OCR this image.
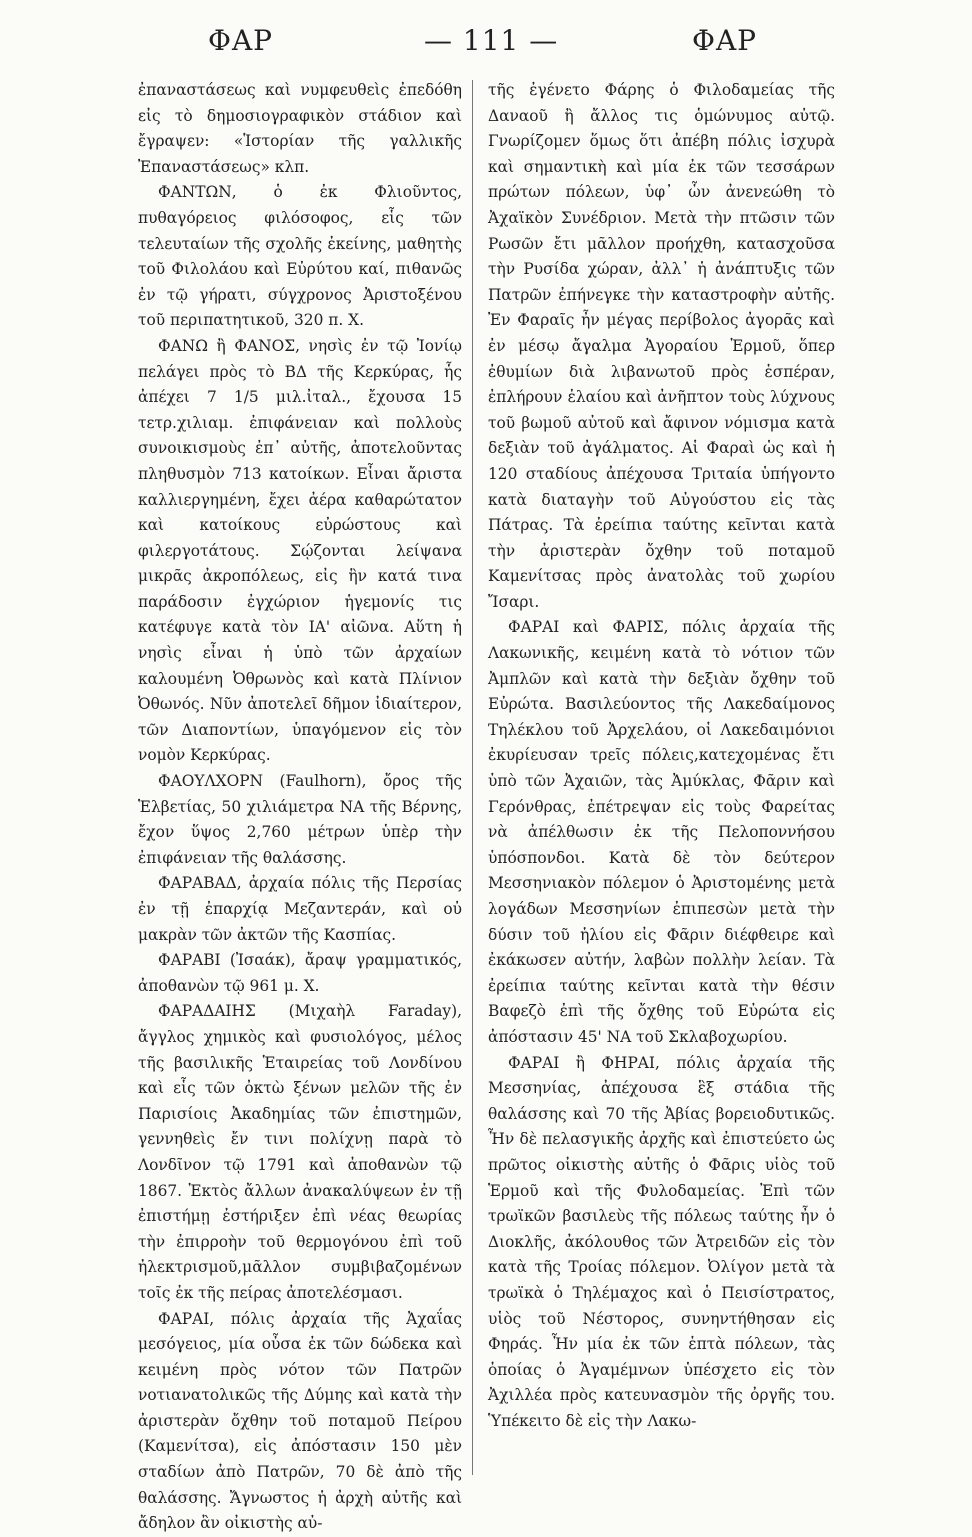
ΦΑΡ	— 111 —	ΦΑΡ

ἐπαναστάσεως καὶ νυμφευθεὶς ἐπεδόθη εἰς τὸ δημοσιογραφικὸν στάδιον καὶ ἔγραψεν: «Ἱστορίαν τῆς γαλλικῆς Ἐπαναστάσεως» κλπ.

ΦΑΝΤΩΝ, ὁ ἐκ Φλιοῦντος, πυθαγόρειος φιλόσοφος, εἷς τῶν τελευταίων τῆς σχολῆς ἐκείνης, μαθητὴς τοῦ Φιλολάου καὶ Εὐρύτου καί, πιθανῶς ἐν τῷ γήρατι, σύγχρονος Ἀριστοξένου τοῦ περιπατητικοῦ, 320 π. Χ.

ΦΑΝΩ ἢ ΦΑΝΟΣ, νησὶς ἐν τῷ Ἰονίῳ πελάγει πρὸς τὸ ΒΔ τῆς Κερκύρας, ἧς ἀπέχει 7 1/5 μιλ.ἰταλ., ἔχουσα 15 τετρ.χιλιαμ. ἐπιφάνειαν καὶ πολλοὺς συνοικισμοὺς ἐπ᾿ αὐτῆς, ἀποτελοῦντας πληθυσμὸν 713 κατοίκων. Εἶναι ἄριστα καλλιεργημένη, ἔχει ἀέρα καθαρώτατον καὶ κατοίκους εὐρώστους καὶ φιλεργοτάτους. Σῴζονται λείψανα μικρᾶς ἀκροπόλεως, εἰς ἣν κατά τινα παράδοσιν ἐγχώριον ἡγεμονίς τις κατέφυγε κατὰ τὸν ΙΑ' αἰῶνα. Αὕτη ἡ νησὶς εἶναι ἡ ὑπὸ τῶν ἀρχαίων καλουμένη Ὀθρωνὸς καὶ κατὰ Πλίνιον Ὀθωνός. Νῦν ἀποτελεῖ δῆμον ἰδιαίτερον, τῶν Διαποντίων, ὑπαγόμενον εἰς τὸν νομὸν Κερκύρας.

ΦΑΟΥΛΧΟΡΝ (Faulhorn), ὄρος τῆς Ἑλβετίας, 50 χιλιάμετρα ΝΑ τῆς Βέρνης, ἔχον ὕψος 2,760 μέτρων ὑπὲρ τὴν ἐπιφάνειαν τῆς θαλάσσης.

ΦΑΡΑΒΑΔ, ἀρχαία πόλις τῆς Περσίας ἐν τῇ ἐπαρχίᾳ Μεζαντεράν, καὶ οὐ μακρὰν τῶν ἀκτῶν τῆς Κασπίας.

ΦΑΡΑΒΙ (Ἰσαάκ), ἄραψ γραμματικός, ἀποθανὼν τῷ 961 μ. Χ.

ΦΑΡΑΔΑΙΗΣ (Μιχαὴλ Faraday), ἄγγλος χημικὸς καὶ φυσιολόγος, μέλος τῆς βασιλικῆς Ἑταιρείας τοῦ Λονδίνου καὶ εἷς τῶν ὀκτὼ ξένων μελῶν τῆς ἐν Παρισίοις Ἀκαδημίας τῶν ἐπιστημῶν, γεννηθεὶς ἔν τινι πολίχνῃ παρὰ τὸ Λονδῖνον τῷ 1791 καὶ ἀποθανὼν τῷ 1867. Ἐκτὸς ἄλλων ἀνακαλύψεων ἐν τῇ ἐπιστήμῃ ἐστήριξεν ἐπὶ νέας θεωρίας τὴν ἐπιρροὴν τοῦ θερμογόνου ἐπὶ τοῦ ἠλεκτρισμοῦ,μᾶλλον συμβιβαζομένων τοῖς ἐκ τῆς πείρας ἀποτελέσμασι.

ΦΑΡΑΙ, πόλις ἀρχαία τῆς Ἀχαΐας μεσόγειος, μία οὖσα ἐκ τῶν δώδεκα καὶ κειμένη πρὸς νότον τῶν Πατρῶν νοτιανατολικῶς τῆς Δύμης καὶ κατὰ τὴν ἀριστερὰν ὄχθην τοῦ ποταμοῦ Πείρου (Καμενίτσα), εἰς ἀπόστασιν 150 μὲν σταδίων ἀπὸ Πατρῶν, 70 δὲ ἀπὸ τῆς θαλάσσης. Ἄγνωστος ἡ ἀρχὴ αὐτῆς καὶ ἄδηλον ἂν οἰκιστὴς αὐ-

τῆς ἐγένετο Φάρης ὁ Φιλοδαμείας τῆς Δαναοῦ ἢ ἄλλος τις ὁμώνυμος αὐτῷ. Γνωρίζομεν ὅμως ὅτι ἀπέβη πόλις ἰσχυρὰ καὶ σημαντικὴ καὶ μία ἐκ τῶν τεσσάρων πρώτων πόλεων, ὑφ᾿ ὧν ἀνενεώθη τὸ Ἀχαϊκὸν Συνέδριον. Μετὰ τὴν πτῶσιν τῶν Ρωσῶν ἔτι μᾶλλον προήχθη, κατασχοῦσα τὴν Ρυσίδα χώραν, ἀλλ᾿ ἡ ἀνάπτυξις τῶν Πατρῶν ἐπήνεγκε τὴν καταστροφὴν αὐτῆς. Ἐν Φαραῖς ἦν μέγας περίβολος ἀγορᾶς καὶ ἐν μέσῳ ἄγαλμα Ἀγοραίου Ἑρμοῦ, ὅπερ ἐθυμίων διὰ λιβανωτοῦ πρὸς ἑσπέραν, ἐπλήρουν ἐλαίου καὶ ἀνῆπτον τοὺς λύχνους τοῦ βωμοῦ αὐτοῦ καὶ ἄφινον νόμισμα κατὰ δεξιὰν τοῦ ἀγάλματος. Αἱ Φαραὶ ὡς καὶ ἡ 120 σταδίους ἀπέχουσα Τριταία ὑπήγοντο κατὰ διαταγὴν τοῦ Αὐγούστου εἰς τὰς Πάτρας. Τὰ ἐρείπια ταύτης κεῖνται κατὰ τὴν ἀριστερὰν ὄχθην τοῦ ποταμοῦ Καμενίτσας πρὸς ἀνατολὰς τοῦ χωρίου Ἴσαρι.

ΦΑΡΑΙ καὶ ΦΑΡΙΣ, πόλις ἀρχαία τῆς Λακωνικῆς, κειμένη κατὰ τὸ νότιον τῶν Ἀμπλῶν καὶ κατὰ τὴν δεξιὰν ὄχθην τοῦ Εὐρώτα. Βασιλεύοντος τῆς Λακεδαίμονος Τηλέκλου τοῦ Ἀρχελάου, οἱ Λακεδαιμόνιοι ἐκυρίευσαν τρεῖς πόλεις,κατεχομένας ἔτι ὑπὸ τῶν Ἀχαιῶν, τὰς Ἀμύκλας, Φᾶριν καὶ Γερόνθρας, ἐπέτρεψαν εἰς τοὺς Φαρείτας νὰ ἀπέλθωσιν ἐκ τῆς Πελοποννήσου ὑπόσπονδοι. Κατὰ δὲ τὸν δεύτερον Μεσσηνιακὸν πόλεμον ὁ Ἀριστομένης μετὰ λογάδων Μεσσηνίων ἐπιπεσὼν μετὰ τὴν δύσιν τοῦ ἡλίου εἰς Φᾶριν διέφθειρε καὶ ἐκάκωσεν αὐτήν, λαβὼν πολλὴν λείαν. Τὰ ἐρείπια ταύτης κεῖνται κατὰ τὴν θέσιν Βαφεζὸ ἐπὶ τῆς ὄχθης τοῦ Εὐρώτα εἰς ἀπόστασιν 45' ΝΑ τοῦ Σκλαβοχωρίου.

ΦΑΡΑΙ ἢ ΦΗΡΑΙ, πόλις ἀρχαία τῆς Μεσσηνίας, ἀπέχουσα ἓξ στάδια τῆς θαλάσσης καὶ 70 τῆς Ἀβίας βορειοδυτικῶς. Ἦν δὲ πελασγικῆς ἀρχῆς καὶ ἐπιστεύετο ὡς πρῶτος οἰκιστὴς αὐτῆς ὁ Φᾶρις υἱὸς τοῦ Ἑρμοῦ καὶ τῆς Φυλοδαμείας. Ἐπὶ τῶν τρωϊκῶν βασιλεὺς τῆς πόλεως ταύτης ἦν ὁ Διοκλῆς, ἀκόλουθος τῶν Ἀτρειδῶν εἰς τὸν κατὰ τῆς Τροίας πόλεμον. Ὀλίγον μετὰ τὰ τρωϊκὰ ὁ Τηλέμαχος καὶ ὁ Πεισίστρατος, υἱὸς τοῦ Νέστορος, συνηντήθησαν εἰς Φηράς. Ἦν μία ἐκ τῶν ἑπτὰ πόλεων, τὰς ὁποίας ὁ Ἀγαμέμνων ὑπέσχετο εἰς τὸν Ἀχιλλέα πρὸς κατευνασμὸν τῆς ὀργῆς του. Ὑπέκειτο δὲ εἰς τὴν Λακω-
